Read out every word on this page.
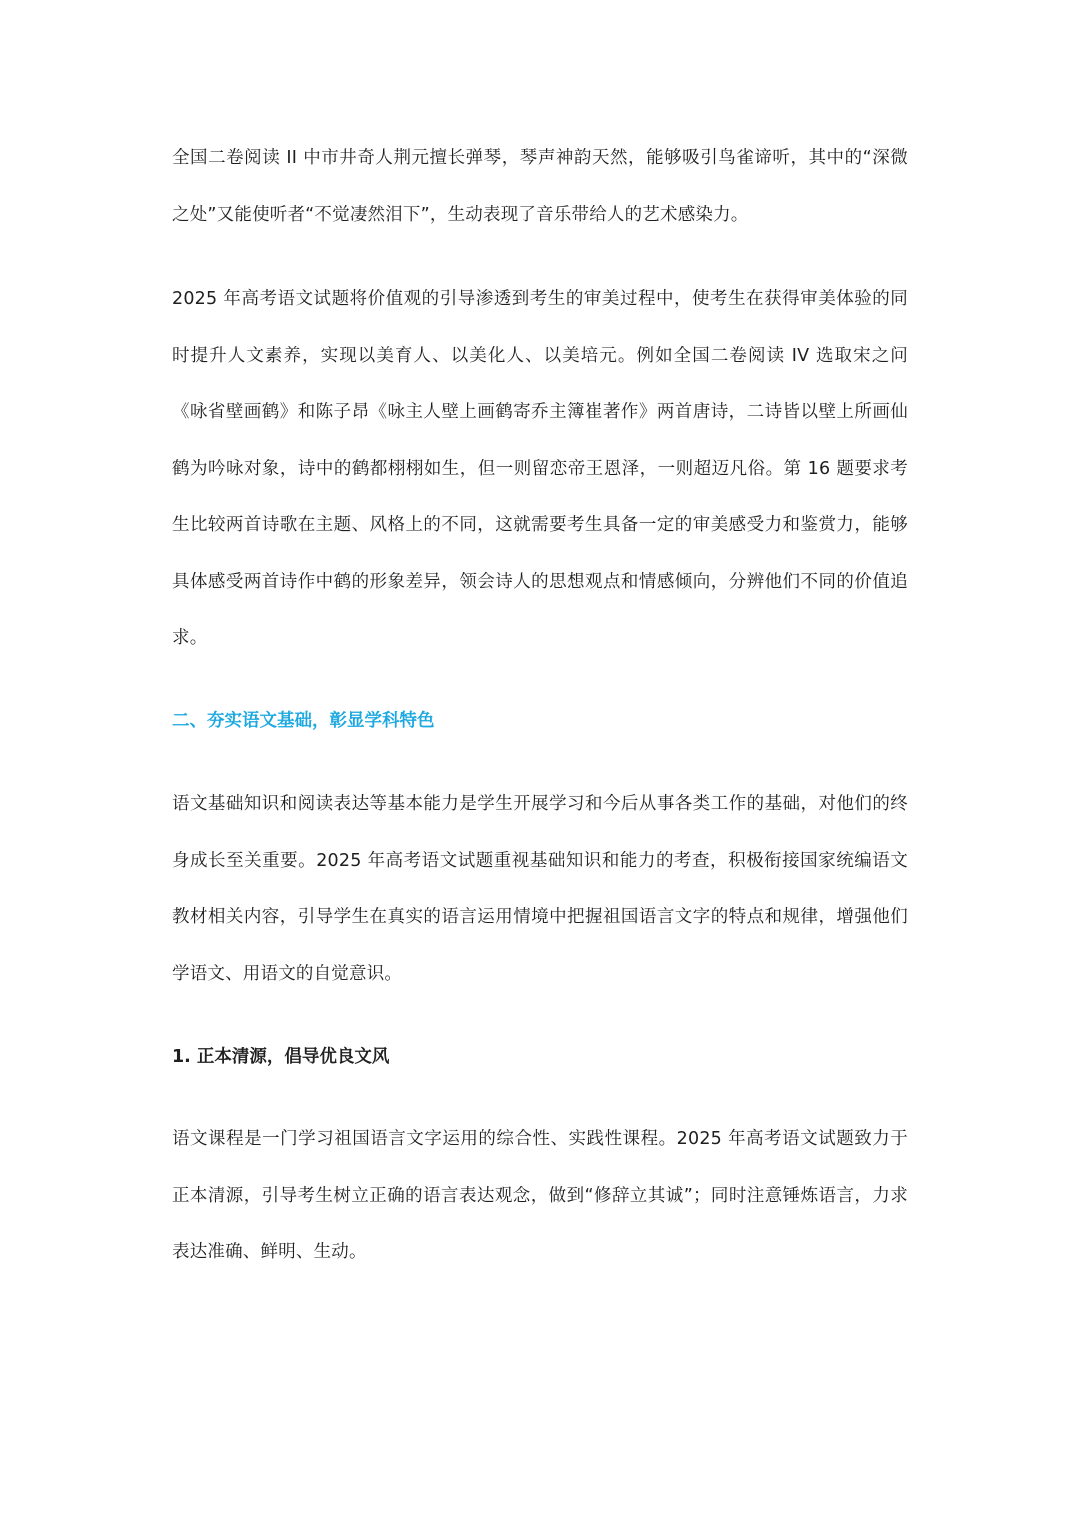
全国二卷阅读 II 中市井奇人荆元擅长弹琴，琴声神韵天然，能够吸引鸟雀谛听，其中的“深微之处”又能使听者“不觉凄然泪下”，生动表现了音乐带给人的艺术感染力。

2025 年高考语文试题将价值观的引导渗透到考生的审美过程中，使考生在获得审美体验的同时提升人文素养，实现以美育人、以美化人、以美培元。例如全国二卷阅读 IV 选取宋之问《咏省壁画鹤》和陈子昂《咏主人壁上画鹤寄乔主簿崔著作》两首唐诗，二诗皆以壁上所画仙鹤为吟咏对象，诗中的鹤都栩栩如生，但一则留恋帝王恩泽，一则超迈凡俗。第 16 题要求考生比较两首诗歌在主题、风格上的不同，这就需要考生具备一定的审美感受力和鉴赏力，能够具体感受两首诗作中鹤的形象差异，领会诗人的思想观点和情感倾向，分辨他们不同的价值追求。

二、夯实语文基础，彰显学科特色

语文基础知识和阅读表达等基本能力是学生开展学习和今后从事各类工作的基础，对他们的终身成长至关重要。2025 年高考语文试题重视基础知识和能力的考查，积极衔接国家统编语文教材相关内容，引导学生在真实的语言运用情境中把握祖国语言文字的特点和规律，增强他们学语文、用语文的自觉意识。

1. 正本清源，倡导优良文风

语文课程是一门学习祖国语言文字运用的综合性、实践性课程。2025 年高考语文试题致力于正本清源，引导考生树立正确的语言表达观念，做到“修辞立其诚”；同时注意锤炼语言，力求表达准确、鲜明、生动。
